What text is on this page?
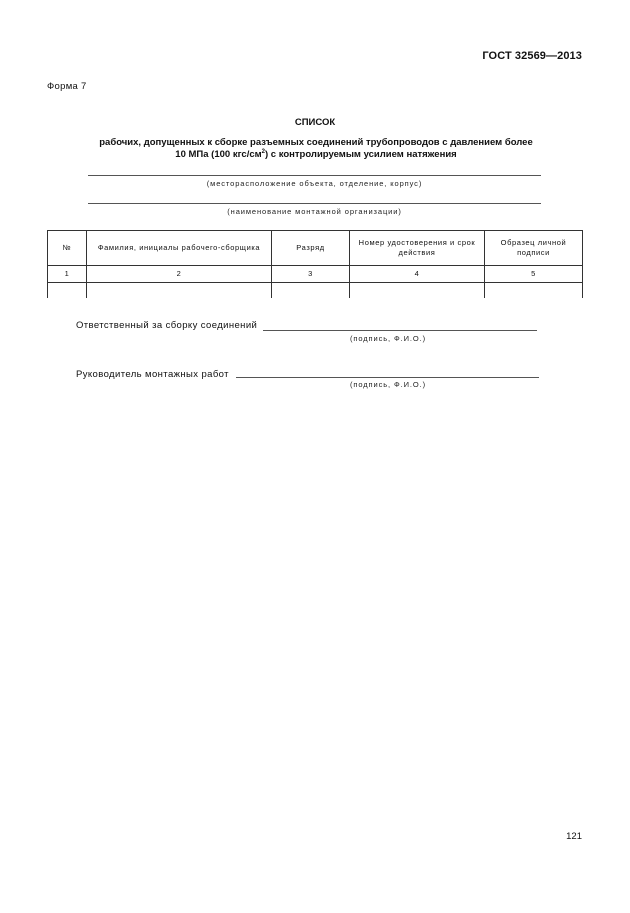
ГОСТ 32569—2013
Форма 7
СПИСОК
рабочих, допущенных к сборке разъемных соединений трубопроводов с давлением более
10 МПа (100 кгс/$см^2$) с контролируемым усилием натяжения
(месторасположение объекта, отделение, корпус)
(наименование монтажной организации)
№	Фамилия, инициалы рабочего-сборщика	Разряд	Номер удостоверения и срок действия	Образец личной подписи
1	2	3	4	5

Ответственный за сборку соединений
(подпись, Ф.И.О.)
Руководитель монтажных работ
(подпись, Ф.И.О.)
121
